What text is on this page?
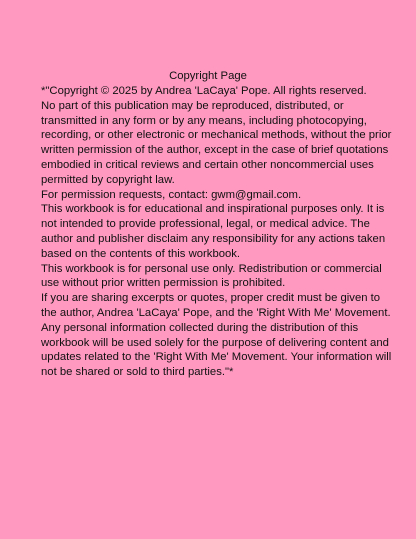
Copyright Page

*"Copyright © 2025 by Andrea 'LaCaya' Pope. All rights reserved.
No part of this publication may be reproduced, distributed, or
transmitted in any form or by any means, including photocopying,
recording, or other electronic or mechanical methods, without the prior
written permission of the author, except in the case of brief quotations
embodied in critical reviews and certain other noncommercial uses
permitted by copyright law.

For permission requests, contact: gwm@gmail.com.

This workbook is for educational and inspirational purposes only. It is
not intended to provide professional, legal, or medical advice. The
author and publisher disclaim any responsibility for any actions taken
based on the contents of this workbook.

This workbook is for personal use only. Redistribution or commercial
use without prior written permission is prohibited.

If you are sharing excerpts or quotes, proper credit must be given to
the author, Andrea 'LaCaya' Pope, and the 'Right With Me' Movement.

Any personal information collected during the distribution of this
workbook will be used solely for the purpose of delivering content and
updates related to the 'Right With Me' Movement. Your information will
not be shared or sold to third parties."*
